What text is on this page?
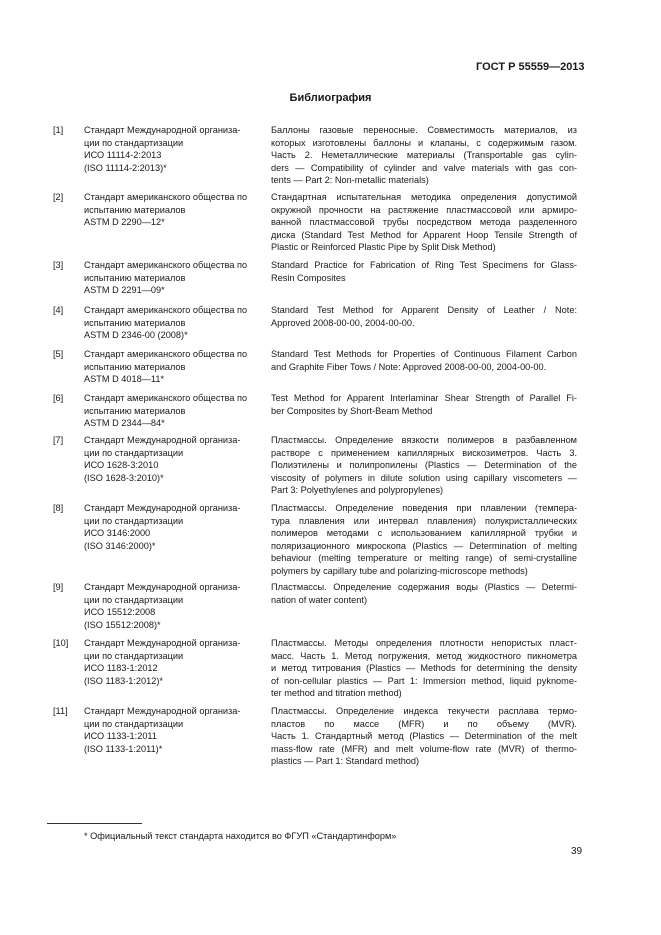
ГОСТ Р 55559—2013
Библиография
[1] Стандарт Международной организа-
ции по стандартизации
ИСО 11114-2:2013
(ISO 11114-2:2013)*
Баллоны газовые переносные. Совместимость материалов, из
которых изготовлены баллоны и клапаны, с содержимым газом.
Часть 2. Неметаллические материалы (Transportable gas cylin-
ders — Compatibility of cylinder and valve materials with gas con-
tents — Part 2: Non-metallic materials)
[2] Стандарт американского общества по
испытанию материалов
ASTM D 2290—12*
Стандартная испытательная методика определения допустимой
окружной прочности на растяжение пластмассовой или армиро-
ванной пластмассовой трубы посредством метода разделенного
диска (Standard Test Method for Apparent Hoop Tensile Strength of
Plastic or Reinforced Plastic Pipe by Split Disk Method)
[3] Стандарт американского общества по
испытанию материалов
ASTM D 2291—09*
Standard Practice for Fabrication of Ring Test Specimens for Glass-
Resin Composites
[4] Стандарт американского общества по
испытанию материалов
ASTM D 2346-00 (2008)*
Standard Test Method for Apparent Density of Leather / Note:
Approved 2008-00-00, 2004-00-00.
[5] Стандарт американского общества по
испытанию материалов
ASTM D 4018—11*
Standard Test Methods for Properties of Continuous Filament Carbon
and Graphite Fiber Tows / Note: Approved 2008-00-00, 2004-00-00.
[6] Стандарт американского общества по
испытанию материалов
ASTM D 2344—84*
Test Method for Apparent Interlaminar Shear Strength of Parallel Fi-
ber Composites by Short-Beam Method
[7] Стандарт Международной организа-
ции по стандартизации
ИСО 1628-3:2010
(ISO 1628-3:2010)*
Пластмассы. Определение вязкости полимеров в разбавленном
растворе с применением капиллярных вискозиметров. Часть 3.
Полиэтилены и полипропилены (Plastics — Determination of the
viscosity of polymers in dilute solution using capillary viscometers —
Part 3: Polyethylenes and polypropylenes)
[8] Стандарт Международной организа-
ции по стандартизации
ИСО 3146:2000
(ISO 3146:2000)*
Пластмассы. Определение поведения при плавлении (темпера-
тура плавления или интервал плавления) полукристаллических
полимеров методами с использованием капиллярной трубки и
поляризационного микроскопа (Plastics — Determination of melting
behaviour (melting temperature or melting range) of semi-crystalline
polymers by capillary tube and polarizing-microscope methods)
[9] Стандарт Международной организа-
ции по стандартизации
ИСО 15512:2008
(ISO 15512:2008)*
Пластмассы. Определение содержания воды (Plastics — Determi-
nation of water content)
[10] Стандарт Международной организа-
ции по стандартизации
ИСО 1183-1:2012
(ISO 1183-1:2012)*
Пластмассы. Методы определения плотности непористых пласт-
масс. Часть 1. Метод погружения, метод жидкостного пикнометра
и метод титрования (Plastics — Methods for determining the density
of non-cellular plastics — Part 1: Immersion method, liquid pyknome-
ter method and titration method)
[11] Стандарт Международной организа-
ции по стандартизации
ИСО 1133-1:2011
(ISO 1133-1:2011)*
Пластмассы. Определение индекса текучести расплава термо-
пластов по массе (MFR) и по объему (MVR).
Часть 1. Стандартный метод (Plastics — Determination of the melt
mass-flow rate (MFR) and melt volume-flow rate (MVR) of thermo-
plastics — Part 1: Standard method)
* Официальный текст стандарта находится во ФГУП «Стандартинформ»
39
